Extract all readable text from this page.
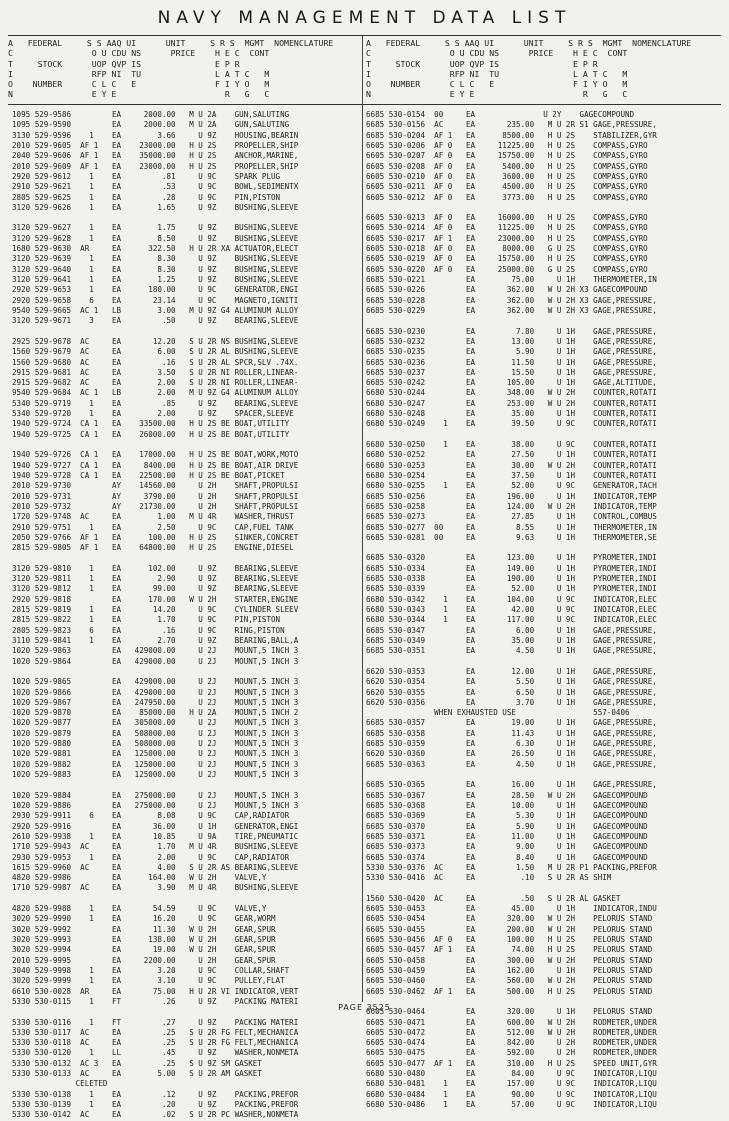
NAVY MANAGEMENT DATA LIST
A   FEDERAL     S S AAQ UI      UNIT     S R S  MGMT  NOMENCLATURE
C                O U CDU NS      PRICE    H E C  CONT
T     STOCK      UOP QVP IS               E P R
I                RFP NI  TU               L A T C   M
O    NUMBER      C L C   E                F I Y O   M
N                E Y E                      R   G   C
A   FEDERAL     S S AAQ UI      UNIT     S R S  MGMT  NOMENCLATURE
C                O U CDU NS      PRICE    H E C  CONT
T     STOCK      UOP QVP IS               E P R
I                RFP NI  TU               L A T C   M
O    NUMBER      C L C   E                F I Y O   M
N                E Y E                      R   G   C
1095 529-9586         EA     2000.00   M U 2A    GUN,SALUTING
1095 529-9590         EA     2000.00   M U 2A    GUN,SALUTING
3130 529-9596    1    EA        3.66     U 9Z    HOUSING,BEARIN
2010 529-9605  AF 1   EA    23000.00   H U 2S    PROPELLER,SHIP
2040 529-9606  AF 1   EA    35000.00   H U 2S    ANCHOR,MARINE,
2010 529-9609  AF 1   EA    23000.00   H U 2S    PROPELLER,SHIP
2920 529-9612    1    EA         .81     U 9C    SPARK PLUG
2910 529-9621    1    EA         .53     U 9C    BOWL,SEDIMENTX
2805 529-9625    1    EA         .28     U 9C    PIN,PISTON
3120 529-9626    1    EA        1.65     U 9Z    BUSHING,SLEEVE
3120 529-9627    1    EA        1.75     U 9Z    BUSHING,SLEEVE
3120 529-9628    1    EA        8.50     U 9Z    BUSHING,SLEEVE
1680 529-9630  AR     EA      322.50   H U 2R XA ACTUATOR,ELECT
3120 529-9639    1    EA        8.30     U 9Z    BUSHING,SLEEVE
3120 529-9640    1    EA        8.30     U 9Z    BUSHING,SLEEVE
3120 529-9641    1    EA        1.25     U 9Z    BUSHING,SLEEVE
2920 529-9653    1    EA      180.00     U 9C    GENERATOR,ENGI
2920 529-9658    6    EA       23.14     U 9C    MAGNETO,IGNITI
9540 529-9665  AC 1   LB        3.00   M U 9Z G4 ALUMINUM ALLOY
3120 529-9671    3    EA         .50     U 9Z    BEARING,SLEEVE
2925 529-9678  AC     EA       12.20   S U 2R NS BUSHING,SLEEVE
1560 529-9679  AC     EA        6.00   S U 2R AL BUSHING,SLEEVE
1560 529-9680  AC     EA         .16   S U 2R AL SPCR,SLV .74X.
2915 529-9681  AC     EA        3.50   S U 2R NI ROLLER,LINEAR-
2915 529-9682  AC     EA        2.00   S U 2R NI ROLLER,LINEAR-
9540 529-9684  AC 1   LB        2.00   M U 9Z G4 ALUMINUM ALLOY
5340 529-9719    1    EA         .85     U 9Z    BEARING,SLEEVE
5340 529-9720    1    EA        2.00     U 9Z    SPACER,SLEEVE
1940 529-9724  CA 1   EA    33500.00   H U 2S BE BOAT,UTILITY
1940 529-9725  CA 1   EA    26000.00   H U 2S BE BOAT,UTILITY
1940 529-9726  CA 1   EA    17000.00   H U 2S BE BOAT,WORK,MOTO
1940 529-9727  CA 1   EA     8400.00   H U 2S BE BOAT,AIR DRIVE
1940 529-9728  CA 1   EA    22500.00   H U 2S BE BOAT,PICKET
2010 529-9730         AY    14560.00     U 2H    SHAFT,PROPULSI
2010 529-9731         AY     3790.00     U 2H    SHAFT,PROPULSI
2010 529-9732         AY    21730.00     U 2H    SHAFT,PROPULSI
1720 529-9748  AC     EA        1.00   M U 4R    WASHER,THRUST
2910 529-9751    1    EA        2.50     U 9C    CAP,FUEL TANK
2050 529-9766  AF 1   EA      100.00   H U 2S    SINKER,CONCRET
2815 529-9805  AF 1   EA    64800.00   H U 2S    ENGINE,DIESEL
3120 529-9810    1    EA      102.00     U 9Z    BEARING,SLEEVE
3120 529-9811    1    EA        2.90     U 9Z    BEARING,SLEEVE
3120 529-9812    1    EA       99.00     U 9Z    BEARING,SLEEVE
2920 529-9818         EA      170.00   W U 2H    STARTER,ENGINE
2815 529-9819    1    EA       14.20     U 9C    CYLINDER SLEEV
2815 529-9822    1    EA        1.70     U 9C    PIN,PISTON
2805 529-9823    6    EA         .16     U 9C    RING,PISTON
3110 529-9841    1    EA        2.70     U 9Z    BEARING,BALL,A
1020 529-9863         EA   429000.00     U 2J    MOUNT,5 INCH 3
1020 529-9864         EA   429000.00     U 2J    MOUNT,5 INCH 3
1020 529-9865         EA   429000.00     U 2J    MOUNT,5 INCH 3
1020 529-9866         EA   429000.00     U 2J    MOUNT,5 INCH 3
1020 529-9867         EA   247950.00     U 2J    MOUNT,5 INCH 3
1020 529-9870         EA    85000.00   H U 2A    MOUNT,5 INCH 2
1020 529-9877         EA   305000.00     U 2J    MOUNT,5 INCH 3
1020 529-9879         EA   508000.00     U 2J    MOUNT,5 INCH 3
1020 529-9880         EA   508000.00     U 2J    MOUNT,5 INCH 3
1020 529-9881         EA   125000.00     U 2J    MOUNT,5 INCH 3
1020 529-9882         EA   125000.00     U 2J    MOUNT,5 INCH 3
1020 529-9883         EA   125000.00     U 2J    MOUNT,5 INCH 3
1020 529-9884         EA   275000.00     U 2J    MOUNT,5 INCH 3
1020 529-9886         EA   275000.00     U 2J    MOUNT,5 INCH 3
2930 529-9911    6    EA        8.08     U 9C    CAP,RADIATOR
2920 529-9916         EA       36.00     U 1H    GENERATOR,ENGI
2610 529-9938    1    EA       10.85     U 9A    TIRE,PNEUMATIC
1710 529-9943  AC     EA        1.70   M U 4R    BUSHING,SLEEVE
2930 529-9953    1    EA        2.00     U 9C    CAP,RADIATOR
1615 529-9960  AC     EA        4.00   S U 2R AS BEARING,SLEEVE
4820 529-9986         EA      164.00   W U 2H    VALVE,Y
1710 529-9987  AC     EA        3.90   M U 4R    BUSHING,SLEEVE
4820 529-9988    1    EA       54.59     U 9C    VALVE,Y
3020 529-9990    1    EA       16.20     U 9C    GEAR,WORM
3020 529-9992         EA       11.30   W U 2H    GEAR,SPUR
3020 529-9993         EA      138.00   W U 2H    GEAR,SPUR
3020 529-9994         EA       19.00   W U 2H    GEAR,SPUR
2010 529-9995         EA     2200.00     U 2H    GEAR,SPUR
3040 529-9998    1    EA        3.20     U 9C    COLLAR,SHAFT
3020 529-9999    1    EA        3.10     U 9C    PULLEY,FLAT
6610 530-0028  AR     EA       75.00   H U 2R VI INDICATOR,VERT
5330 530-0115    1    FT         .26     U 9Z    PACKING MATERI
5330 530-0116    1    FT         .27     U 9Z    PACKING MATERI
5330 530-0117  AC     EA         .25   S U 2R FG FELT,MECHANICA
5330 530-0118  AC     EA         .25   S U 2R FG FELT,MECHANICA
5330 530-0120    1    LL         .45     U 9Z    WASHER,NONMETA
5330 530-0132  AC 3   EA         .25   S U 9Z SM GASKET
5330 530-0133  AC     EA        5.00   S U 2R AM GASKET
CELETED
5330 530-0138    1    EA         .12     U 9Z    PACKING,PREFOR
5330 530-0139    1    EA         .20     U 9Z    PACKING,PREFOR
5330 530-0142  AC     EA         .02   S U 2R PC WASHER,NONMETA
6685 530-0154  00     EA               U 2Y    GAGECOMPOUND
6685 530-0156  AC     EA       235.00   M U 2R S1 GAGE,PRESSURE,
6685 530-0204  AF 1   EA      8500.00   H U 2S    STABILIZER,GYR
6605 530-0206  AF 0   EA     11225.00   H U 2S    COMPASS,GYRO
6605 530-0207  AF 0   EA     15750.00   H U 2S    COMPASS,GYRO
6605 530-0208  AF 0   EA      5400.00   H U 2S    COMPASS,GYRO
6605 530-0210  AF 0   EA      3600.00   H U 2S    COMPASS,GYRO
6605 530-0211  AF 0   EA      4500.00   H U 2S    COMPASS,GYRO
6605 530-0212  AF 0   EA      3773.00   H U 2S    COMPASS,GYRO
6605 530-0213  AF 0   EA     16000.00   H U 2S    COMPASS,GYRO
6605 530-0214  AF 0   EA     11225.00   H U 2S    COMPASS,GYRO
6605 530-0217  AF 1   EA     23000.00   H U 2S    COMPASS,GYRO
6605 530-0218  AF 0   EA      8000.00   G U 2S    COMPASS,GYRO
6605 530-0219  AF 0   EA     15750.00   H U 2S    COMPASS,GYRO
6605 530-0220  AF 0   EA     25000.00   G U 2S    COMPASS,GYRO
6685 530-0221         EA        75.00     U 1H    THERMOMETER,IN
6685 530-0226         EA       362.00   W U 2H X3 GAGECOMPOUND
6685 530-0228         EA       362.00   W U 2H X3 GAGE,PRESSURE,
6685 530-0229         EA       362.00   W U 2H X3 GAGE,PRESSURE,
6685 530-0230         EA         7.80     U 1H    GAGE,PRESSURE,
6685 530-0232         EA        13.00     U 1H    GAGE,PRESSURE,
6685 530-0235         EA         5.90     U 1H    GAGE,PRESSURE,
6685 530-0236         EA        11.50     U 1H    GAGE,PRESSURE,
6685 530-0237         EA        15.50     U 1H    GAGE,PRESSURE,
6685 530-0242         EA       105.00     U 1H    GAGE,ALTITUDE,
6680 530-0244         EA       348.00   W U 2H    COUNTER,ROTATI
6680 530-0247         EA       253.00   W U 2H    COUNTER,ROTATI
6680 530-0248         EA        35.00     U 1H    COUNTER,ROTATI
6680 530-0249    1    EA        39.50     U 9C    COUNTER,ROTATI
6680 530-0250    1    EA        38.00     U 9C    COUNTER,ROTATI
6680 530-0252         EA        27.50     U 1H    COUNTER,ROTATI
6680 530-0253         EA        30.00   W U 2H    COUNTER,ROTATI
6680 530-0254         EA        37.50     U 1H    COUNTER,ROTATI
6680 530-0255    1    EA        52.00     U 9C    GENERATOR,TACH
6685 530-0256         EA       196.00     U 1H    INDICATOR,TEMP
6685 530-0258         EA       124.00   W U 2H    INDICATOR,TEMP
6685 530-0273         EA        27.85     U 1H    CONTROL,COMBUS
6685 530-0277  00     EA         8.55     U 1H    THERMOMETER,IN
6685 530-0281  00     EA         9.63     U 1H    THERMOMETER,SE
6685 530-0320         EA       123.00     U 1H    PYROMETER,INDI
6685 530-0334         EA       149.00     U 1H    PYROMETER,INDI
6685 530-0338         EA       190.00     U 1H    PYROMETER,INDI
6685 530-0339         EA        52.00     U 1H    PYROMETER,INDI
6680 530-0342    1    EA       104.00     U 9C    INDICATOR,ELEC
6680 530-0343    1    EA        42.00     U 9C    INDICATOR,ELEC
6680 530-0344    1    EA       117.00     U 9C    INDICATOR,ELEC
6685 530-0347         EA         6.00     U 1H    GAGE,PRESSURE,
6685 530-0349         EA        35.00     U 1H    GAGE,PRESSURE,
6685 530-0351         EA         4.50     U 1H    GAGE,PRESSURE,
6620 530-0353         EA        12.00     U 1H    GAGE,PRESSURE,
6620 530-0354         EA         5.50     U 1H    GAGE,PRESSURE,
6620 530-0355         EA         6.50     U 1H    GAGE,PRESSURE,
6620 530-0356         EA         3.70     U 1H    GAGE,PRESSURE,
WHEN EXHAUSTED USE                 557-0406
6685 530-0357         EA        19.00     U 1H    GAGE,PRESSURE,
6685 530-0358         EA        11.43     U 1H    GAGE,PRESSURE,
6685 530-0359         EA         6.30     U 1H    GAGE,PRESSURE,
6620 530-0360         EA        26.50     U 1H    GAGE,PRESSURE,
6685 530-0363         EA         4.50     U 1H    GAGE,PRESSURE,
6685 530-0365         EA        16.00     U 1H    GAGE,PRESSURE,
6685 530-0367         EA        28.50   W U 2H    GAGECOMPOUND
6685 530-0368         EA        10.00     U 1H    GAGECOMPOUND
6685 530-0369         EA         5.30     U 1H    GAGECOMPOUND
6685 530-0370         EA         5.90     U 1H    GAGECOMPOUND
6685 530-0371         EA        11.00     U 1H    GAGECOMPOUND
6685 530-0373         EA         9.00     U 1H    GAGECOMPOUND
6685 530-0374         EA         8.40     U 1H    GAGECOMPOUND
5330 530-0376  AC     EA         1.50   M U 2R P1 PACKING,PREFOR
5330 530-0416  AC     EA          .10   S U 2R AS SHIM
1560 530-0420  AC     EA          .50   S U 2R AL GASKET
6605 530-0453         EA        45.00     U 1H    INDICATOR,INDU
6605 530-0454         EA       320.00   W U 2H    PELORUS STAND
6605 530-0455         EA       200.00   W U 2H    PELORUS STAND
6605 530-0456  AF 0   EA       100.00   H U 2S    PELORUS STAND
6605 530-0457  AF 1   EA        74.00   H U 2S    PELORUS STAND
6605 530-0458         EA       300.00   W U 2H    PELORUS STAND
6605 530-0459         EA       162.00     U 1H    PELORUS STAND
6605 530-0460         EA       560.00   W U 2H    PELORUS STAND
6605 530-0462  AF 1   EA       500.00   H U 2S    PELORUS STAND
6605 530-0464         EA       320.00     U 1H    PELORUS STAND
6605 530-0471         EA       600.00   W U 2H    RODMETER,UNDER
6605 530-0472         EA       512.00   W U 2H    RODMETER,UNDER
6605 530-0474         EA       842.00     U 2H    RODMETER,UNDER
6605 530-0475         EA       592.00     U 2H    RODMETER,UNDER
6605 530-0477  AF 1   EA       310.00   H U 2S    SPEED UNIT,GYR
6680 530-0480         EA        84.00     U 9C    INDICATOR,LIQU
6680 530-0481    1    EA       157.00     U 9C    INDICATOR,LIQU
6680 530-0484    1    EA        90.00     U 9C    INDICATOR,LIQU
6680 530-0486    1    EA        57.00     U 9C    INDICATOR,LIQU
PAGE 3525
